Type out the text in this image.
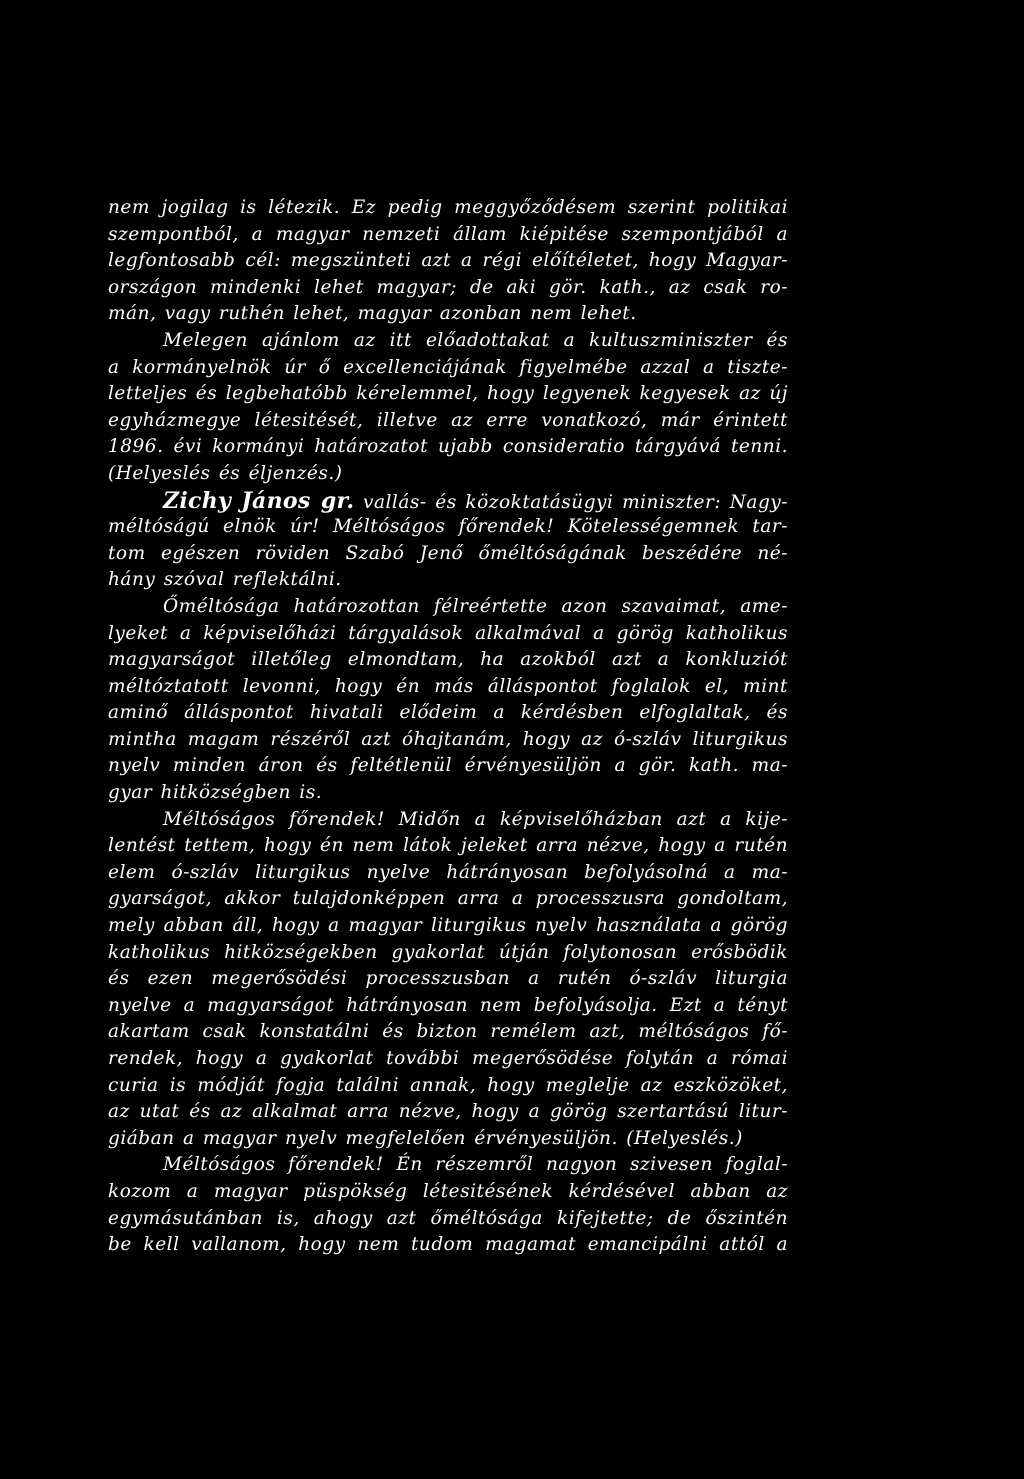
nem jogilag is létezik. Ez pedig meggyőződésem szerint politikai
szempontból, a magyar nemzeti állam kiépitése szempontjából a
legfontosabb cél: megszünteti azt a régi előítéletet, hogy Magyar-
országon mindenki lehet magyar; de aki gör. kath., az csak ro-
mán, vagy ruthén lehet, magyar azonban nem lehet.
Melegen ajánlom az itt előadottakat a kultuszminiszter és
a kormányelnök úr ő excellenciájának figyelmébe azzal a tiszte-
letteljes és legbehatóbb kérelemmel, hogy legyenek kegyesek az új
egyházmegye létesitését, illetve az erre vonatkozó, már érintett
1896. évi kormányi határozatot ujabb consideratio tárgyává tenni.
(Helyeslés és éljenzés.)
Zichy János gr. vallás- és közoktatásügyi miniszter: Nagy-
méltóságú elnök úr! Méltóságos főrendek! Kötelességemnek tar-
tom egészen röviden Szabó Jenő őméltóságának beszédére né-
hány szóval reflektálni.
Őméltósága határozottan félreértette azon szavaimat, ame-
lyeket a képviselőházi tárgyalások alkalmával a görög katholikus
magyarságot illetőleg elmondtam, ha azokból azt a konkluziót
méltóztatott levonni, hogy én más álláspontot foglalok el, mint
aminő álláspontot hivatali elődeim a kérdésben elfoglaltak, és
mintha magam részéről azt óhajtanám, hogy az ó-szláv liturgikus
nyelv minden áron és feltétlenül érvényesüljön a gör. kath. ma-
gyar hitközségben is.
Méltóságos főrendek! Midőn a képviselőházban azt a kije-
lentést tettem, hogy én nem látok jeleket arra nézve, hogy a rutén
elem ó-szláv liturgikus nyelve hátrányosan befolyásolná a ma-
gyarságot, akkor tulajdonképpen arra a processzusra gondoltam,
mely abban áll, hogy a magyar liturgikus nyelv használata a görög
katholikus hitközségekben gyakorlat útján folytonosan erősbödik
és ezen megerősödési processzusban a rutén ó-szláv liturgia
nyelve a magyarságot hátrányosan nem befolyásolja. Ezt a tényt
akartam csak konstatálni és bizton remélem azt, méltóságos fő-
rendek, hogy a gyakorlat további megerősödése folytán a római
curia is módját fogja találni annak, hogy meglelje az eszközöket,
az utat és az alkalmat arra nézve, hogy a görög szertartású litur-
giában a magyar nyelv megfelelően érvényesüljön. (Helyeslés.)
Méltóságos főrendek! Én részemről nagyon szivesen foglal-
kozom a magyar püspökség létesitésének kérdésével abban az
egymásutánban is, ahogy azt őméltósága kifejtette; de őszintén
be kell vallanom, hogy nem tudom magamat emancipálni attól a
